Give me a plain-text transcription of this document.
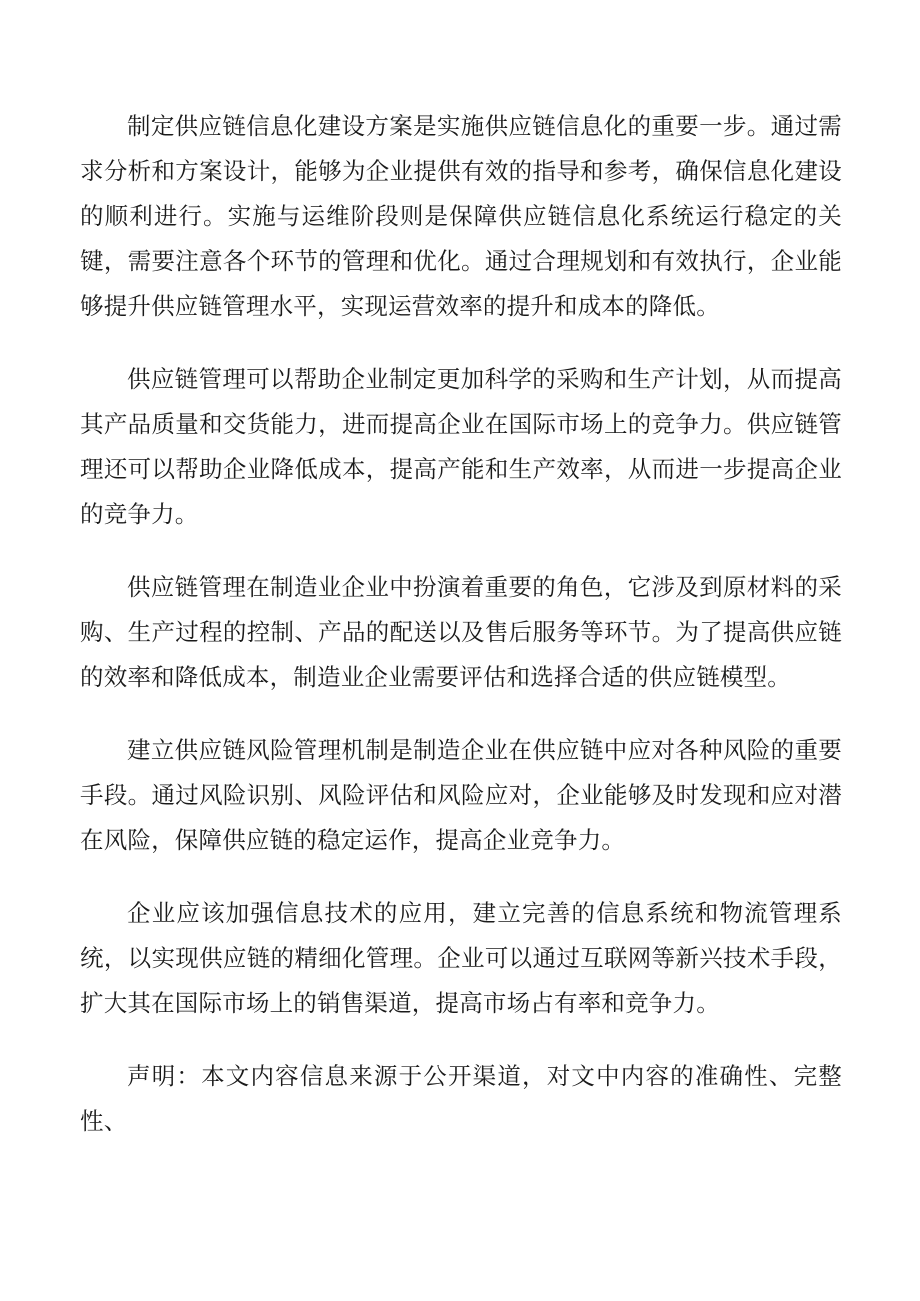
制定供应链信息化建设方案是实施供应链信息化的重要一步。通过需求分析和方案设计，能够为企业提供有效的指导和参考，确保信息化建设的顺利进行。实施与运维阶段则是保障供应链信息化系统运行稳定的关键，需要注意各个环节的管理和优化。通过合理规划和有效执行，企业能够提升供应链管理水平，实现运营效率的提升和成本的降低。

供应链管理可以帮助企业制定更加科学的采购和生产计划，从而提高其产品质量和交货能力，进而提高企业在国际市场上的竞争力。供应链管理还可以帮助企业降低成本，提高产能和生产效率，从而进一步提高企业的竞争力。

供应链管理在制造业企业中扮演着重要的角色，它涉及到原材料的采购、生产过程的控制、产品的配送以及售后服务等环节。为了提高供应链的效率和降低成本，制造业企业需要评估和选择合适的供应链模型。

建立供应链风险管理机制是制造企业在供应链中应对各种风险的重要手段。通过风险识别、风险评估和风险应对，企业能够及时发现和应对潜在风险，保障供应链的稳定运作，提高企业竞争力。

企业应该加强信息技术的应用，建立完善的信息系统和物流管理系统，以实现供应链的精细化管理。企业可以通过互联网等新兴技术手段，扩大其在国际市场上的销售渠道，提高市场占有率和竞争力。

声明：本文内容信息来源于公开渠道，对文中内容的准确性、完整性、
